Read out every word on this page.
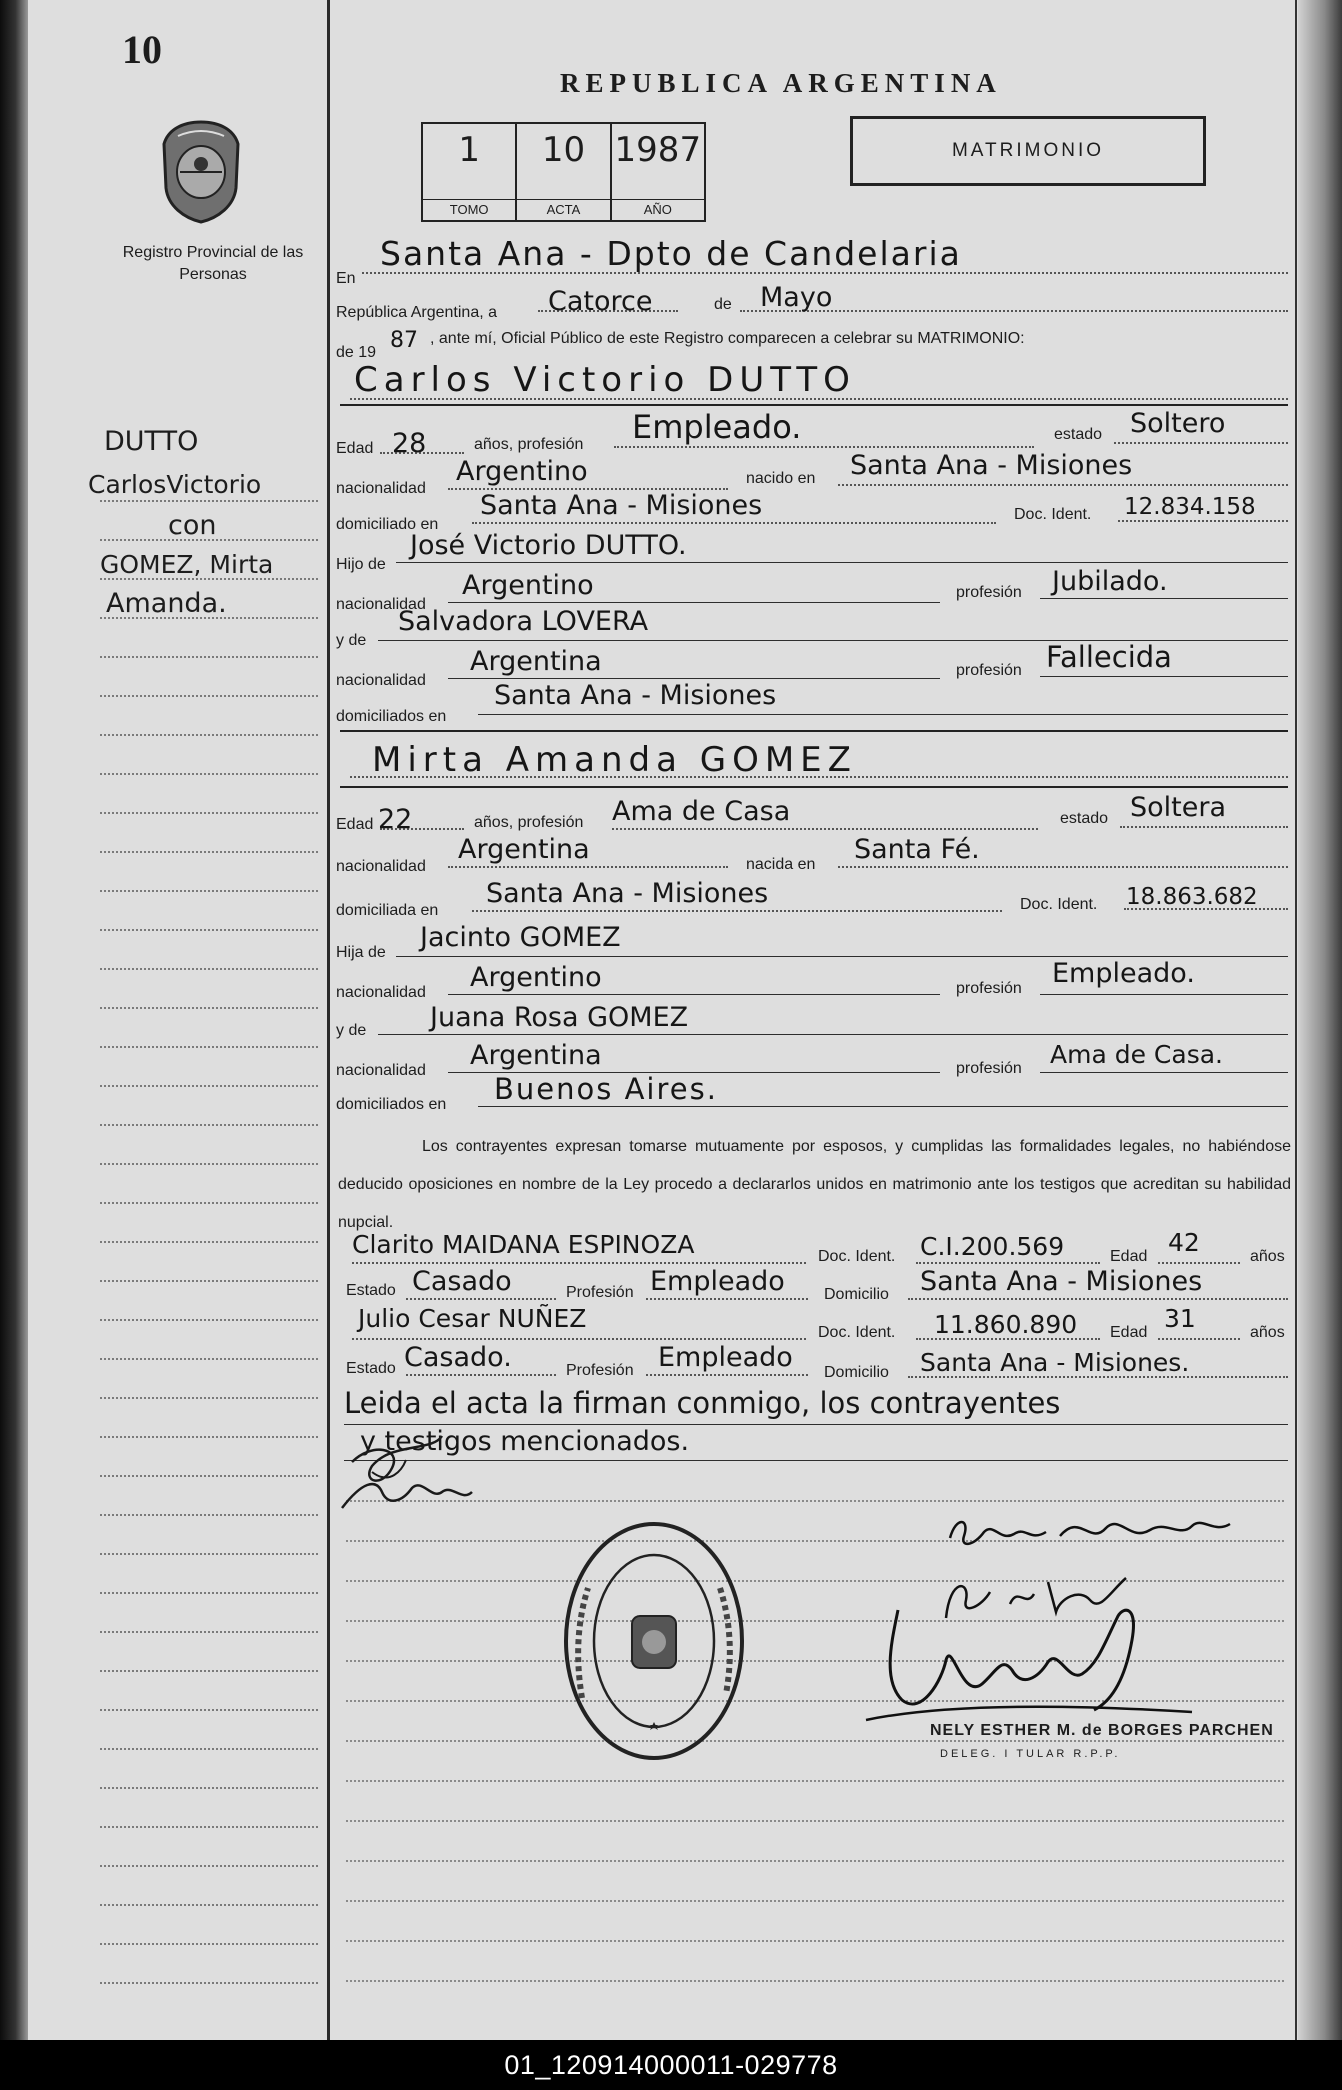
10
Registro Provincial de las Personas
DUTTO
CarlosVictorio
con
GOMEZ, Mirta
Amanda.
REPUBLICA ARGENTINA
1
TOMO
10
ACTA
1987
AÑO
MATRIMONIO
En
Santa Ana - Dpto de Candelaria
República Argentina, a Catorce	de Mayo
de 19 87 , ante mí, Oficial Público de este Registro comparecen a celebrar su MATRIMONIO:
Carlos Victorio DUTTO
Edad 28	años, profesión Empleado.	estado Soltero
nacionalidad
Argentino	nacido en Santa Ana - Misiones
domiciliado en
Santa Ana - Misiones	Doc. Ident. 12.834.158
Hijo de
José Victorio DUTTO.
nacionalidad
Argentino	profesión Jubilado.
y de
Salvadora LOVERA
nacionalidad
Argentina	profesión Fallecida
domiciliados en
Santa Ana - Misiones
Mirta Amanda GOMEZ
Edad 22	años, profesión Ama de Casa	estado Soltera
nacionalidad
Argentina	nacida en Santa Fé.
domiciliada en
Santa Ana - Misiones	Doc. Ident. 18.863.682
Hija de Jacinto GOMEZ
nacionalidad Argentino	profesión Empleado.
y de Juana Rosa GOMEZ
nacionalidad Argentina	profesión Ama de Casa.
domiciliados en Buenos Aires.
Los contrayentes expresan tomarse mutuamente por esposos, y cumplidas las formalidades legales, no habiéndose deducido oposiciones en nombre de la Ley procedo a declararlos unidos en matrimonio ante los testigos que acreditan su habilidad nupcial.
Clarito MAIDANA ESPINOZA	Doc. Ident. C.I.200.569	Edad 42	años
Estado Casado	Profesión Empleado Domicilio Santa Ana - Misiones
Julio Cesar NUÑEZ	Doc. Ident. 11.860.890 Edad 31	años
Estado Casado.	Profesión Empleado Domicilio Santa Ana - Misiones.
Leida el acta la firman conmigo, los contrayentes
y testigos mencionados.
NELY ESTHER M. de BORGES PARCHEN
DELEG. I TULAR R.P.P.
01_120914000011-029778
